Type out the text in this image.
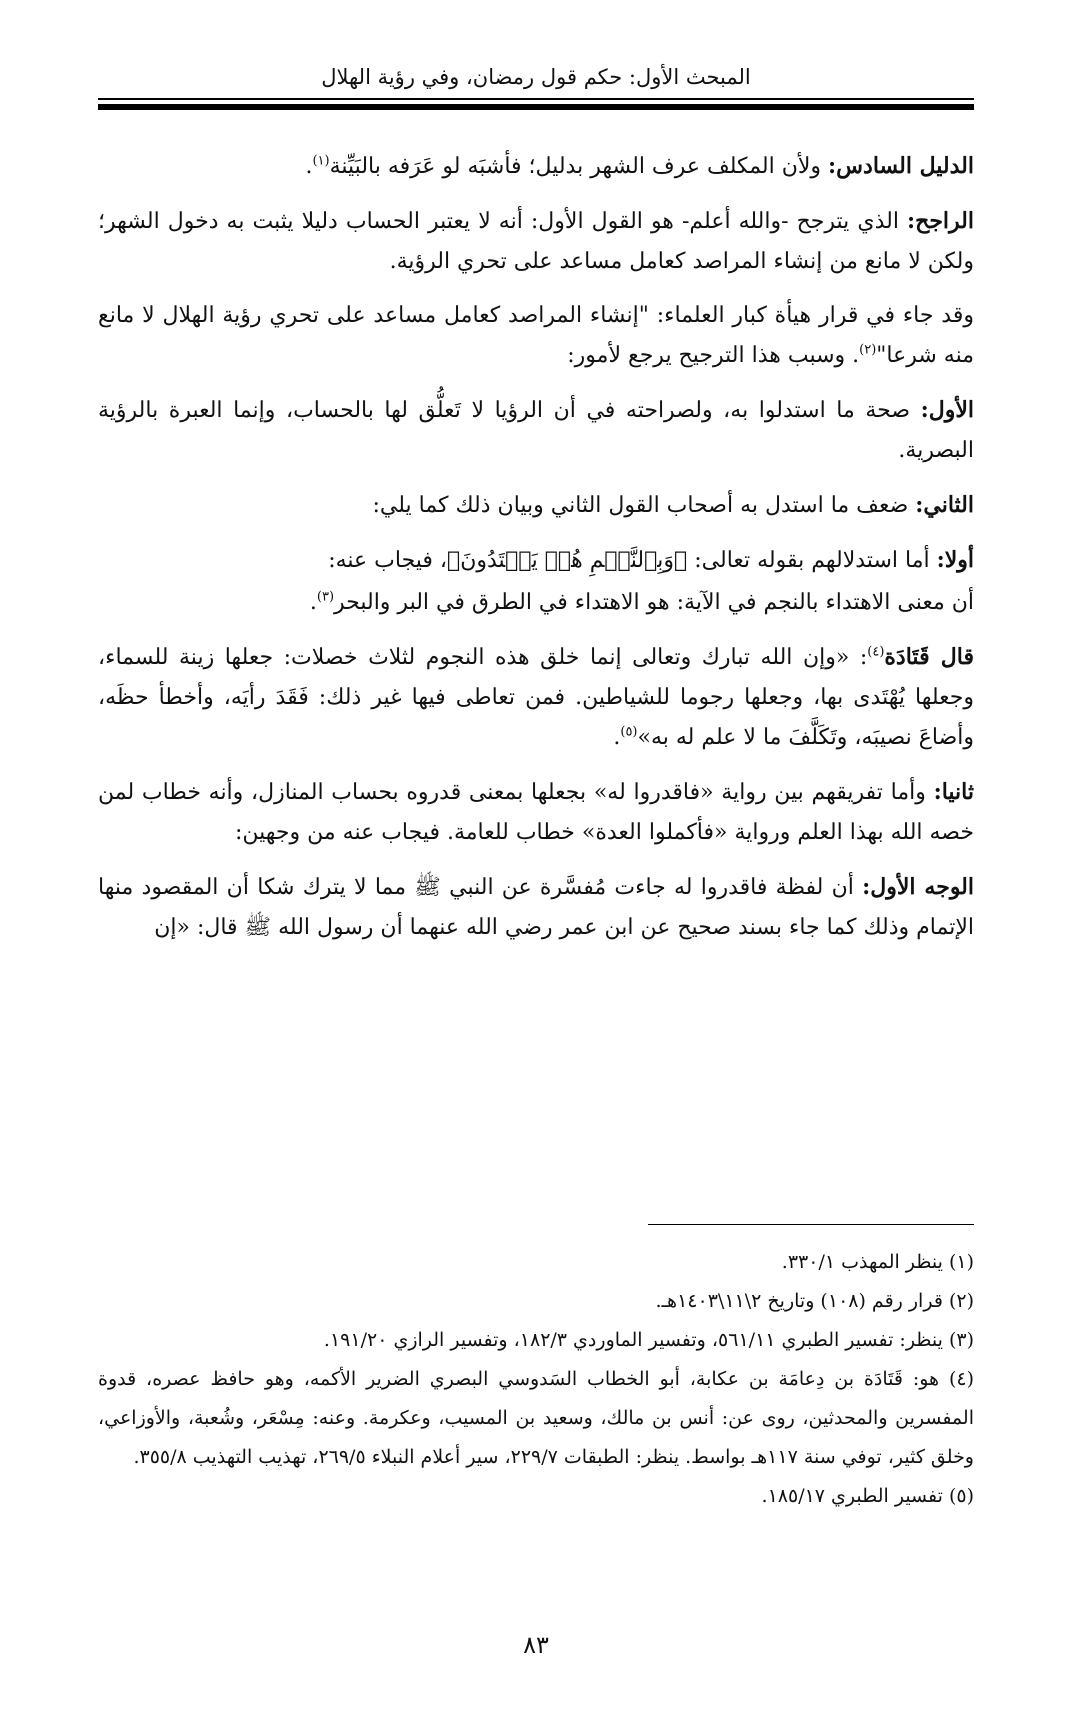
المبحث الأول: حكم قول رمضان، وفي رؤية الهلال

الدليل السادس: ولأن المكلف عرف الشهر بدليل؛ فأشبَه لو عَرَفه بالبَيِّنة$^{(١)}$.

الراجح: الذي يترجح -والله أعلم- هو القول الأول: أنه لا يعتبر الحساب دليلا يثبت به دخول الشهر؛ ولكن لا مانع من إنشاء المراصد كعامل مساعد على تحري الرؤية.

وقد جاء في قرار هيأة كبار العلماء: "إنشاء المراصد كعامل مساعد على تحري رؤية الهلال لا مانع منه شرعا"$^{(٢)}$. وسبب هذا الترجيح يرجع لأمور:

الأول: صحة ما استدلوا به، ولصراحته في أن الرؤيا لا تَعلُّق لها بالحساب، وإنما العبرة بالرؤية البصرية.

الثاني: ضعف ما استدل به أصحاب القول الثاني وبيان ذلك كما يلي:

أولا: أما استدلالهم بقوله تعالى: ﴿وَبِٱلنَّجۡمِ هُمۡ يَهۡتَدُونَ﴾، فيجاب عنه:

أن معنى الاهتداء بالنجم في الآية: هو الاهتداء في الطرق في البر والبحر$^{(٣)}$.

قال قَتَادَة$^{(٤)}$: «وإن الله تبارك وتعالى إنما خلق هذه النجوم لثلاث خصلات: جعلها زينة للسماء، وجعلها يُهْتَدى بها، وجعلها رجوما للشياطين. فمن تعاطى فيها غير ذلك: فَقَدَ رأيَه، وأخطأ حظَه، وأضاعَ نصيبَه، وتَكَلَّفَ ما لا علم له به»$^{(٥)}$.

ثانيا: وأما تفريقهم بين رواية «فاقدروا له» بجعلها بمعنى قدروه بحساب المنازل، وأنه خطاب لمن خصه الله بهذا العلم ورواية «فأكملوا العدة» خطاب للعامة. فيجاب عنه من وجهين:

الوجه الأول: أن لفظة فاقدروا له جاءت مُفسَّرة عن النبي ﷺ مما لا يترك شكا أن المقصود منها الإتمام وذلك كما جاء بسند صحيح عن ابن عمر رضي الله عنهما أن رسول الله ﷺ قال: «إن

(١) ينظر المهذب ٣٣٠/١.

(٢) قرار رقم (١٠٨) وتاريخ ٢\١١\١٤٠٣هـ.

(٣) ينظر: تفسير الطبري ٥٦١/١١، وتفسير الماوردي ١٨٢/٣، وتفسير الرازي ١٩١/٢٠.

(٤) هو: قَتَادَة بن دِعامَة بن عكابة، أبو الخطاب السَدوسي البصري الضرير الأكمه، وهو حافظ عصره، قدوة المفسرين والمحدثين، روى عن: أنس بن مالك، وسعيد بن المسيب، وعكرمة. وعنه: مِسْعَر، وشُعبة، والأوزاعي، وخلق كثير، توفي سنة ١١٧هـ بواسط. ينظر: الطبقات ٢٢٩/٧، سير أعلام النبلاء ٢٦٩/٥، تهذيب التهذيب ٣٥٥/٨.

(٥) تفسير الطبري ١٨٥/١٧.

٨٣
